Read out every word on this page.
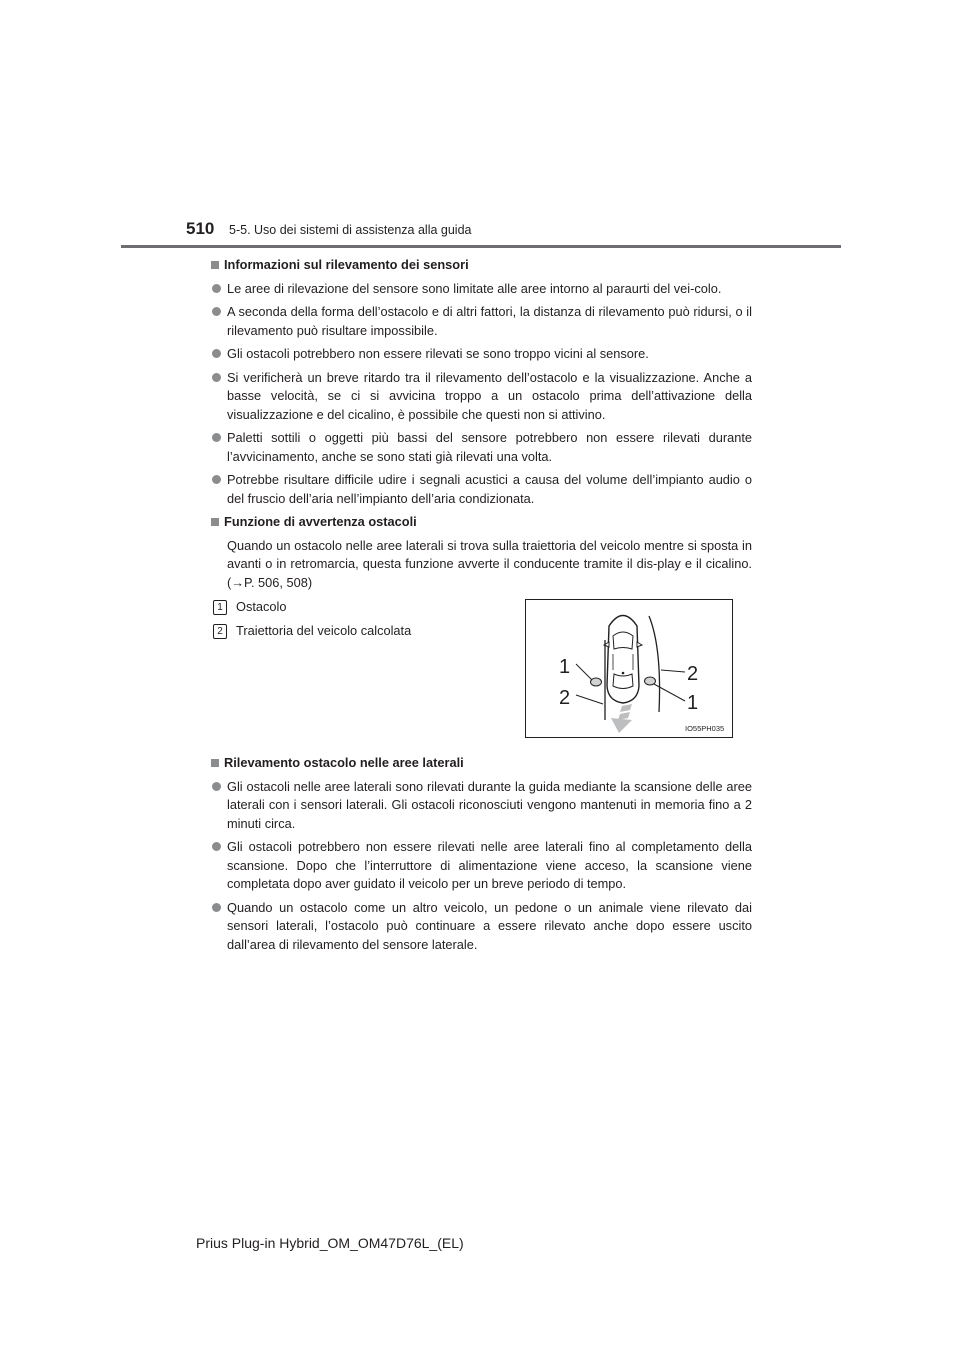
510 5-5. Uso dei sistemi di assistenza alla guida
Informazioni sul rilevamento dei sensori
Le aree di rilevazione del sensore sono limitate alle aree intorno al paraurti del vei-colo.
A seconda della forma dell’ostacolo e di altri fattori, la distanza di rilevamento può ridursi, o il rilevamento può risultare impossibile.
Gli ostacoli potrebbero non essere rilevati se sono troppo vicini al sensore.
Si verificherà un breve ritardo tra il rilevamento dell’ostacolo e la visualizzazione. Anche a basse velocità, se ci si avvicina troppo a un ostacolo prima dell’attivazione della visualizzazione e del cicalino, è possibile che questi non si attivino.
Paletti sottili o oggetti più bassi del sensore potrebbero non essere rilevati durante l’avvicinamento, anche se sono stati già rilevati una volta.
Potrebbe risultare difficile udire i segnali acustici a causa del volume dell’impianto audio o del fruscio dell’aria nell’impianto dell’aria condizionata.
Funzione di avvertenza ostacoli
Quando un ostacolo nelle aree laterali si trova sulla traiettoria del veicolo mentre si sposta in avanti o in retromarcia, questa funzione avverte il conducente tramite il dis-play e il cicalino. (→P. 506, 508)
1	Ostacolo
2	Traiettoria del veicolo calcolata
1
2
2
1
IO55PH035
Rilevamento ostacolo nelle aree laterali
Gli ostacoli nelle aree laterali sono rilevati durante la guida mediante la scansione delle aree laterali con i sensori laterali. Gli ostacoli riconosciuti vengono mantenuti in memoria fino a 2 minuti circa.
Gli ostacoli potrebbero non essere rilevati nelle aree laterali fino al completamento della scansione. Dopo che l’interruttore di alimentazione viene acceso, la scansione viene completata dopo aver guidato il veicolo per un breve periodo di tempo.
Quando un ostacolo come un altro veicolo, un pedone o un animale viene rilevato dai sensori laterali, l’ostacolo può continuare a essere rilevato anche dopo essere uscito dall’area di rilevamento del sensore laterale.
Prius Plug-in Hybrid_OM_OM47D76L_(EL)
